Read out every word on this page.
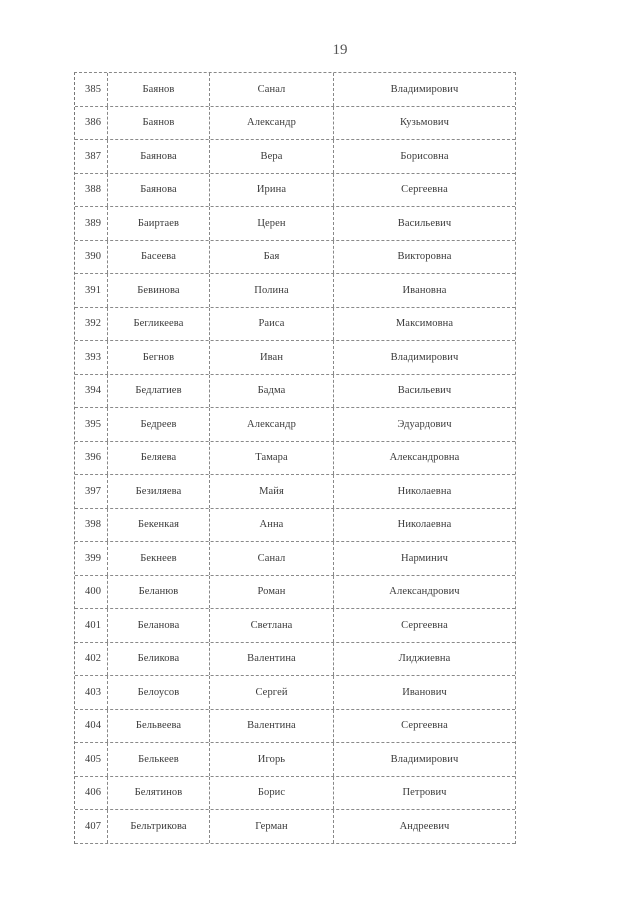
19
385	Баянов	Санал	Владимирович
386	Баянов	Александр	Кузьмович
387	Баянова	Вера	Борисовна
388	Баянова	Ирина	Сергеевна
389	Баиртаев	Церен	Васильевич
390	Басеева	Бая	Викторовна
391	Бевинова	Полина	Ивановна
392	Бегликеева	Раиса	Максимовна
393	Бегнов	Иван	Владимирович
394	Бедлатиев	Бадма	Васильевич
395	Бедреев	Александр	Эдуардович
396	Беляева	Тамара	Александровна
397	Безиляева	Майя	Николаевна
398	Бекенкая	Анна	Николаевна
399	Бекнеев	Санал	Нарминич
400	Беланюв	Роман	Александрович
401	Беланова	Светлана	Сергеевна
402	Беликова	Валентина	Лиджиевна
403	Белоусов	Сергей	Иванович
404	Бельвеева	Валентина	Сергеевна
405	Белькеев	Игорь	Владимирович
406	Белятинов	Борис	Петрович
407	Бельтрикова	Герман	Андреевич
